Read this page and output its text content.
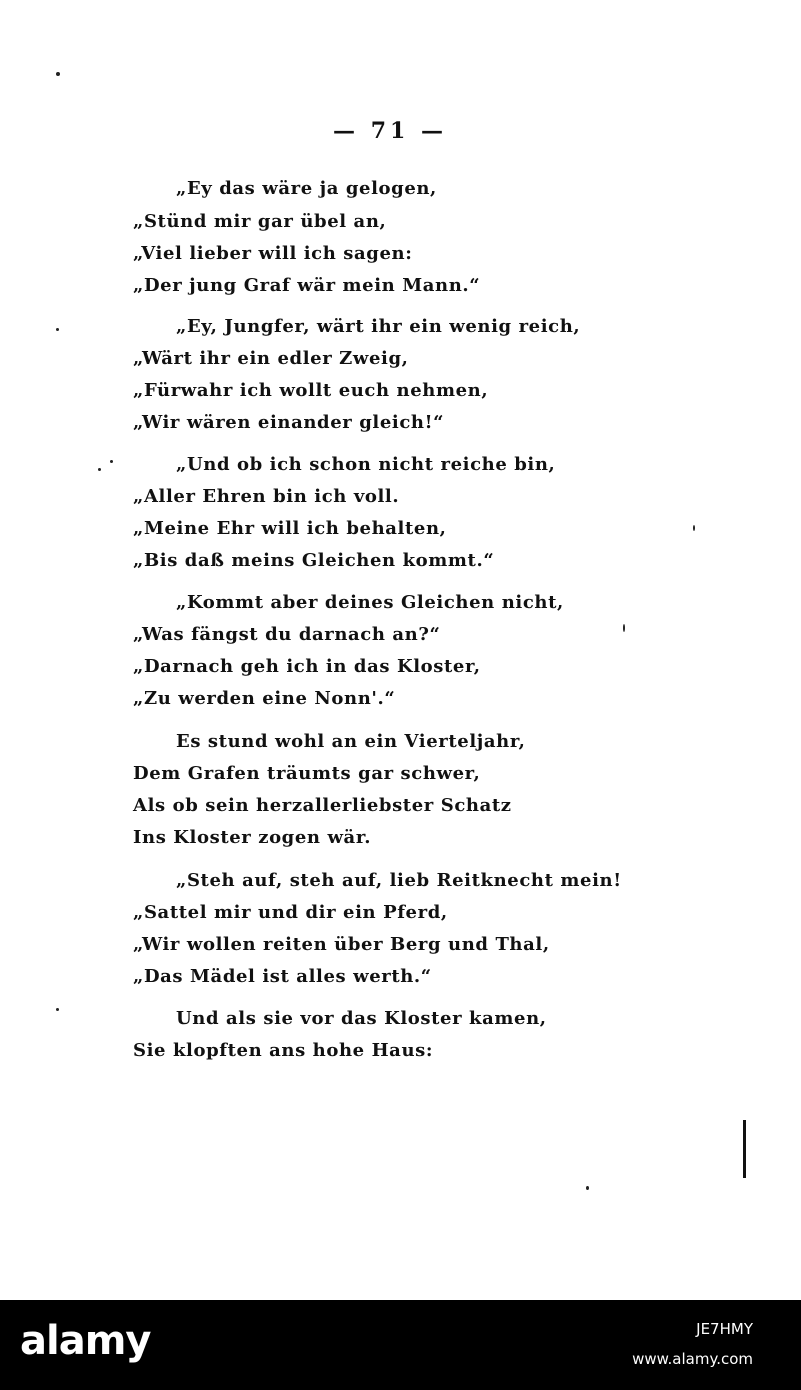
— 71 —
„Ey das wäre ja gelogen,
„Stünd mir gar übel an,
„Viel lieber will ich sagen:
„Der jung Graf wär mein Mann.“
„Ey, Jungfer, wärt ihr ein wenig reich,
„Wärt ihr ein edler Zweig,
„Fürwahr ich wollt euch nehmen,
„Wir wären einander gleich!“
„Und ob ich schon nicht reiche bin,
„Aller Ehren bin ich voll.
„Meine Ehr will ich behalten,
„Bis daß meins Gleichen kommt.“
„Kommt aber deines Gleichen nicht,
„Was fängst du darnach an?“
„Darnach geh ich in das Kloster,
„Zu werden eine Nonn'.“
Es stund wohl an ein Vierteljahr,
Dem Grafen träumts gar schwer,
Als ob sein herzallerliebster Schatz
Ins Kloster zogen wär.
„Steh auf, steh auf, lieb Reitknecht mein!
„Sattel mir und dir ein Pferd,
„Wir wollen reiten über Berg und Thal,
„Das Mädel ist alles werth.“
Und als sie vor das Kloster kamen,
Sie klopften ans hohe Haus:
alamy	JE7HMY
www.alamy.com
